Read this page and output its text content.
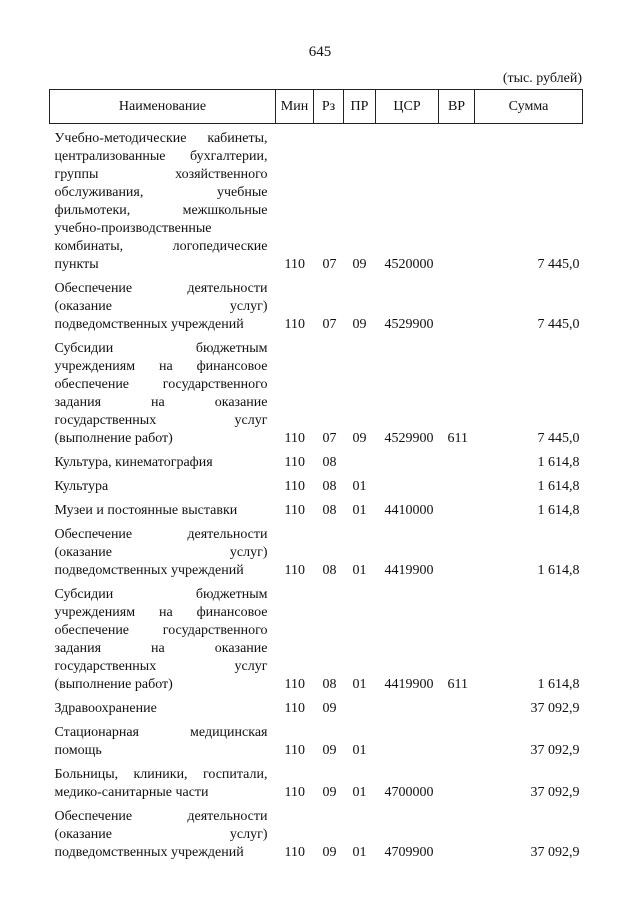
645
(тыс. рублей)
Наименование	Мин	Рз	ПР	ЦСР	ВР	Сумма
Учебно-методические кабинеты, централизованные бухгалтерии, группы хозяйственного обслуживания, учебные фильмотеки, межшкольные учебно-производственные комбинаты, логопедические пункты	110	07	09	4520000		7 445,0
Обеспечение деятельности (оказание услуг) подведомственных учреждений	110	07	09	4529900		7 445,0
Субсидии бюджетным учреждениям на финансовое обеспечение государственного задания на оказание государственных услуг (выполнение работ)	110	07	09	4529900	611	7 445,0
Культура, кинематография	110	08				1 614,8
Культура	110	08	01			1 614,8
Музеи и постоянные выставки	110	08	01	4410000		1 614,8
Обеспечение деятельности (оказание услуг) подведомственных учреждений	110	08	01	4419900		1 614,8
Субсидии бюджетным учреждениям на финансовое обеспечение государственного задания на оказание государственных услуг (выполнение работ)	110	08	01	4419900	611	1 614,8
Здравоохранение	110	09				37 092,9
Стационарная медицинская помощь	110	09	01			37 092,9
Больницы, клиники, госпитали, медико-санитарные части	110	09	01	4700000		37 092,9
Обеспечение деятельности (оказание услуг) подведомственных учреждений	110	09	01	4709900		37 092,9
